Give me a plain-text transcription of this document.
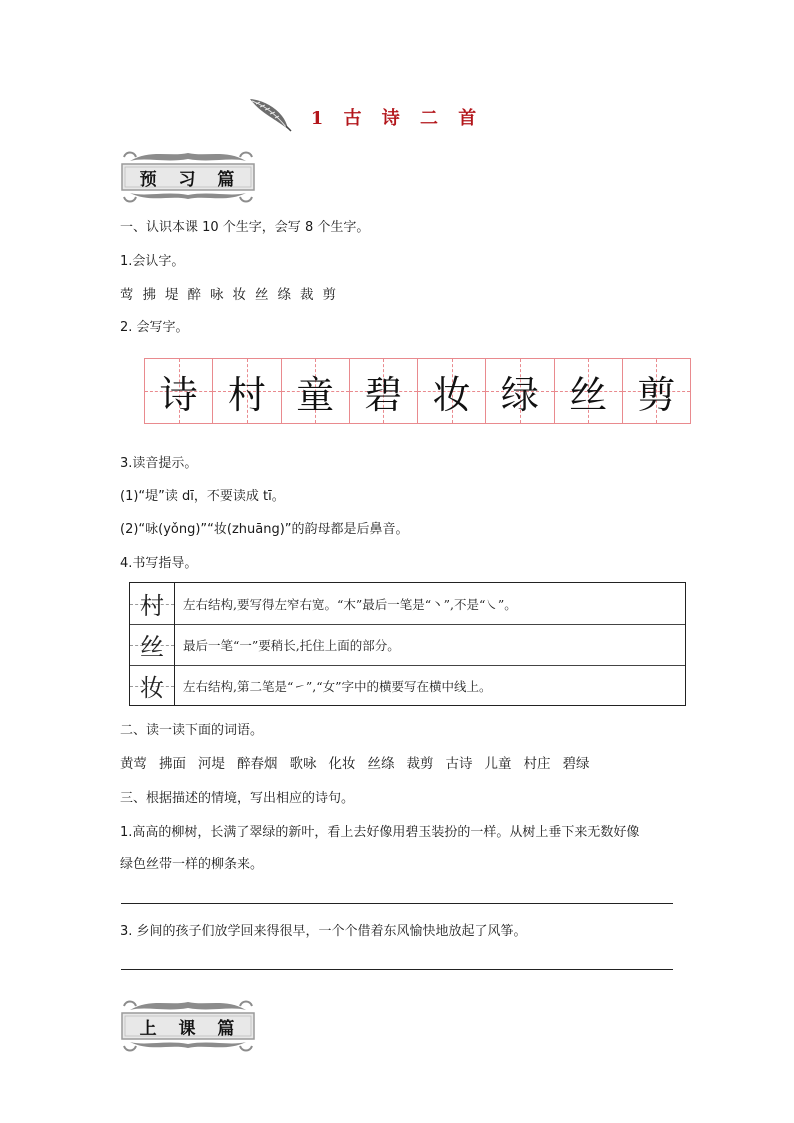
1 古 诗 二 首
预 习 篇
一、认识本课 10 个生字，会写 8 个生字。
1.会认字。
莺 拂 堤 醉 咏 妆 丝 绦 裁 剪
2. 会写字。
诗 村 童 碧 妆 绿 丝 剪
3.读音提示。
(1)“堤”读 dī，不要读成 tī。
(2)“咏(yǒng)”“妆(zhuāng)”的韵母都是后鼻音。
4.书写指导。
村	左右结构,要写得左窄右宽。“木”最后一笔是“丶”,不是“㇏”。
丝	最后一笔“一”要稍长,托住上面的部分。
妆	左右结构,第二笔是“㇀”,“女”字中的横要写在横中线上。
二、读一读下面的词语。
黄莺 拂面 河堤 醉春烟 歌咏 化妆 丝绦 裁剪 古诗 儿童 村庄 碧绿
三、根据描述的情境，写出相应的诗句。
1.高高的柳树，长满了翠绿的新叶，看上去好像用碧玉装扮的一样。从树上垂下来无数好像
绿色丝带一样的柳条来。
3. 乡间的孩子们放学回来得很早，一个个借着东风愉快地放起了风筝。
上 课 篇
